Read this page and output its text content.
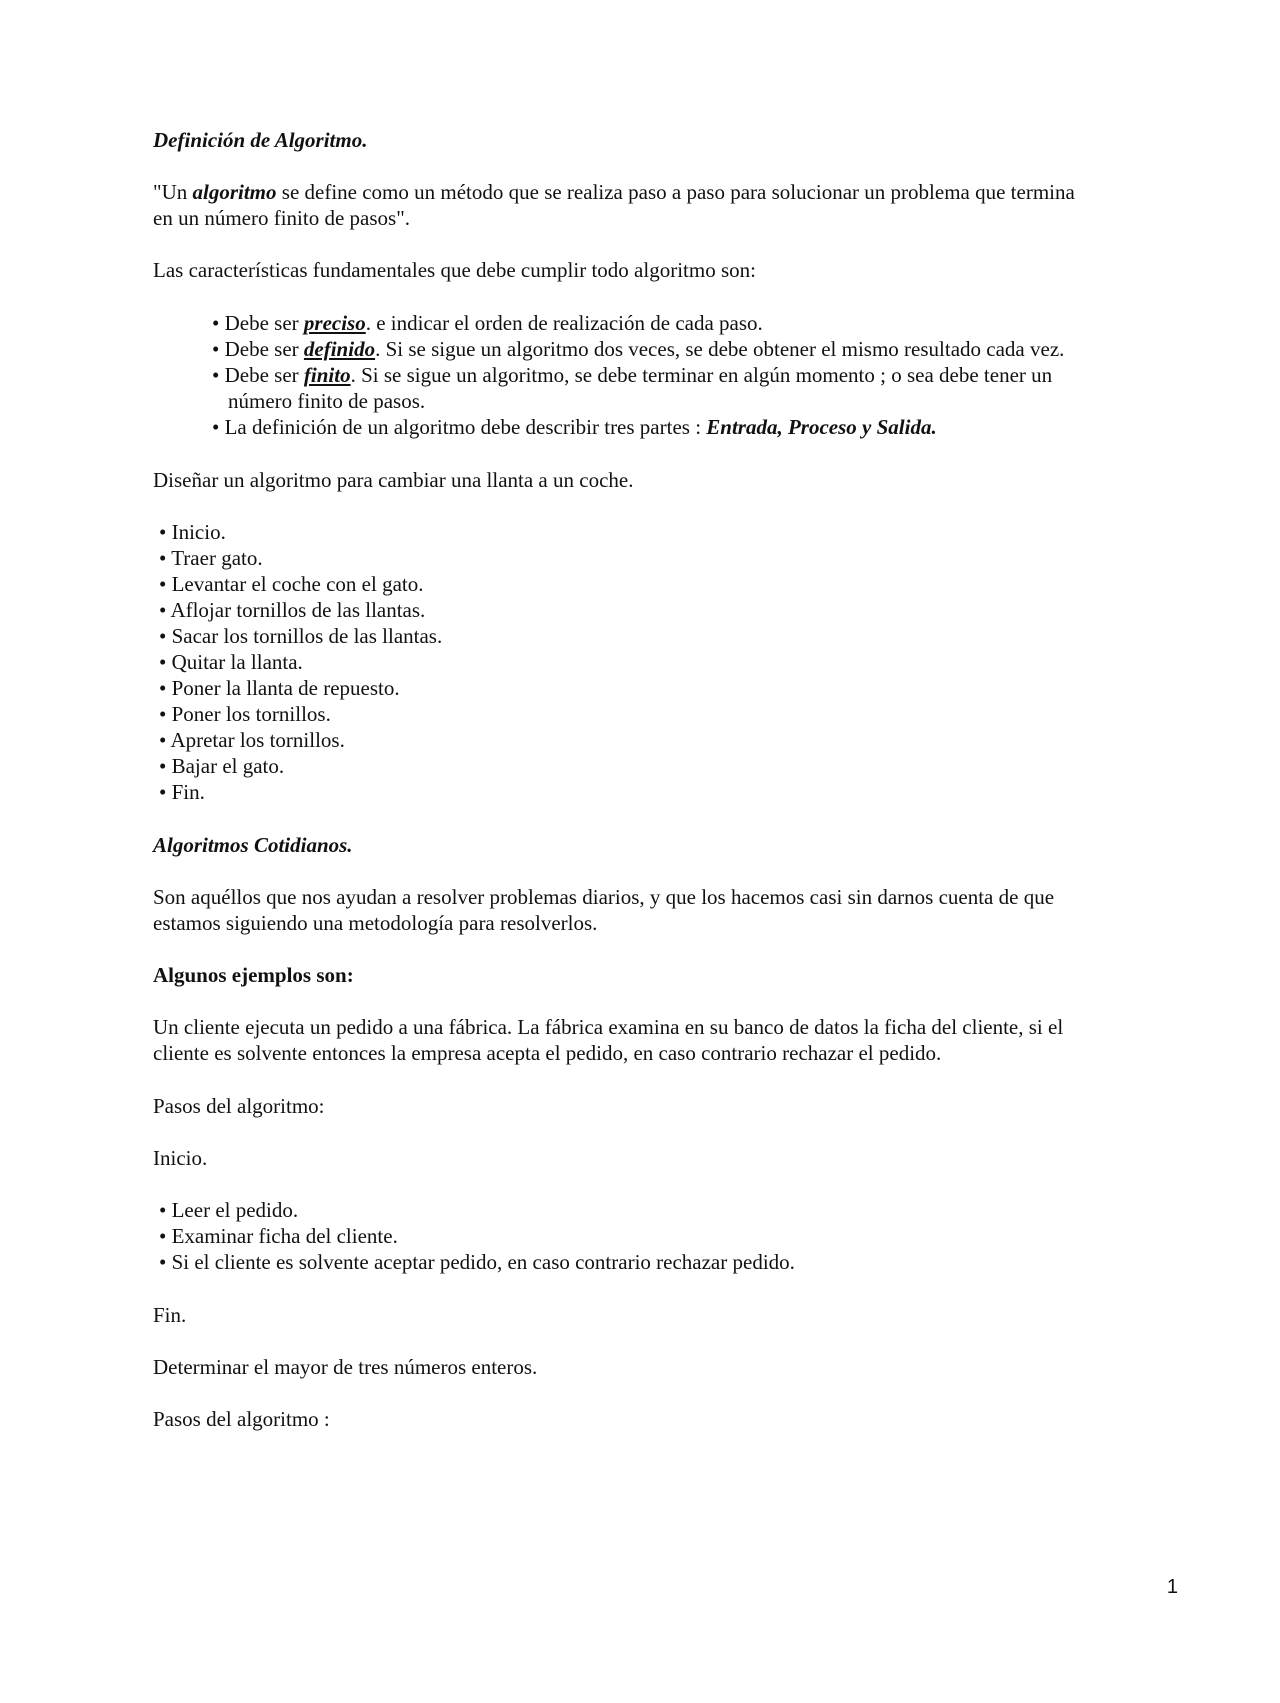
Definición de Algoritmo.

"Un algoritmo se define como un método que se realiza paso a paso para solucionar un problema que termina

en un número finito de pasos".

Las características fundamentales que debe cumplir todo algoritmo son:

• Debe ser preciso. e indicar el orden de realización de cada paso.

• Debe ser definido. Si se sigue un algoritmo dos veces, se debe obtener el mismo resultado cada vez.

• Debe ser finito. Si se sigue un algoritmo, se debe terminar en algún momento ; o sea debe tener un

número finito de pasos.

• La definición de un algoritmo debe describir tres partes : Entrada, Proceso y Salida.

Diseñar un algoritmo para cambiar una llanta a un coche.

• Inicio.

• Traer gato.

• Levantar el coche con el gato.

• Aflojar tornillos de las llantas.

• Sacar los tornillos de las llantas.

• Quitar la llanta.

• Poner la llanta de repuesto.

• Poner los tornillos.

• Apretar los tornillos.

• Bajar el gato.

• Fin.

Algoritmos Cotidianos.

Son aquéllos que nos ayudan a resolver problemas diarios, y que los hacemos casi sin darnos cuenta de que

estamos siguiendo una metodología para resolverlos.

Algunos ejemplos son:

Un cliente ejecuta un pedido a una fábrica. La fábrica examina en su banco de datos la ficha del cliente, si el

cliente es solvente entonces la empresa acepta el pedido, en caso contrario rechazar el pedido.

Pasos del algoritmo:

Inicio.

• Leer el pedido.

• Examinar ficha del cliente.

• Si el cliente es solvente aceptar pedido, en caso contrario rechazar pedido.

Fin.

Determinar el mayor de tres números enteros.

Pasos del algoritmo :

1
